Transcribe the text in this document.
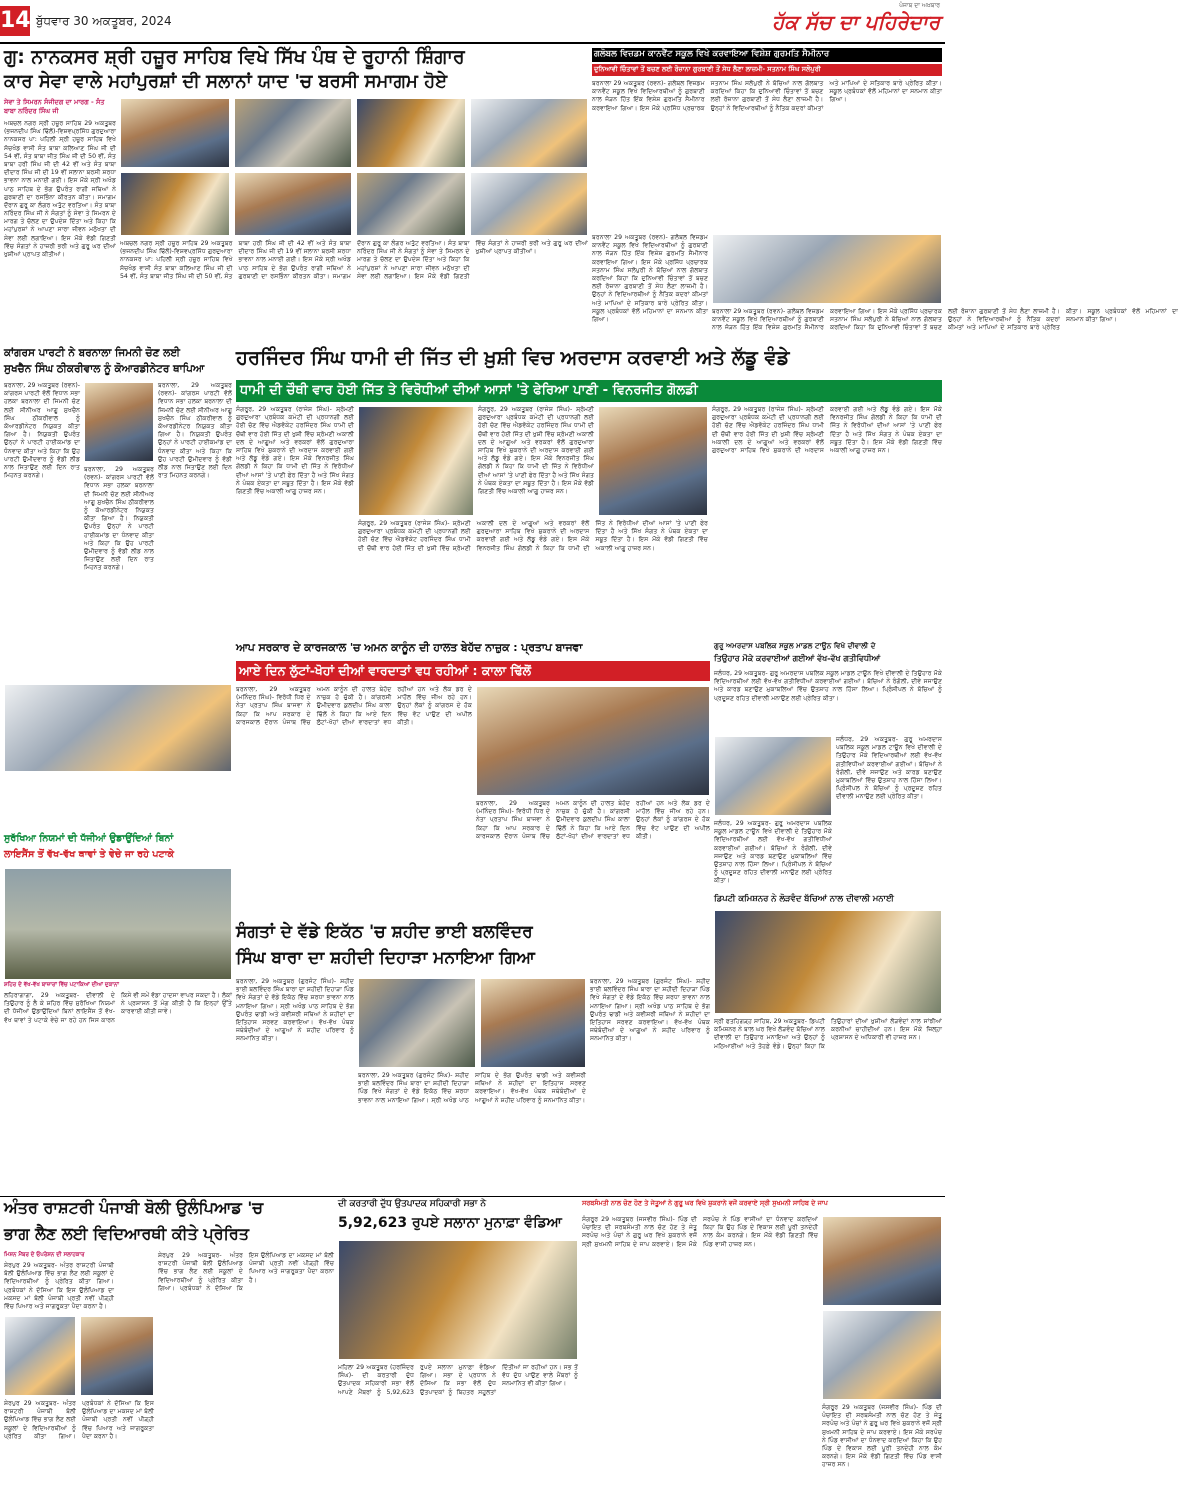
14 ਬੁੱਧਵਾਰ 30 ਅਕਤੂਬਰ, 2024
ਪੰਜਾਬ ਦਾ ਅਖ਼ਬਾਰ
ਹੱਕ ਸੱਚ ਦਾ ਪਹਿਰੇਦਾਰ
ਗੁ: ਨਾਨਕਸਰ ਸ਼੍ਰੀ ਹਜ਼ੂਰ ਸਾਹਿਬ ਵਿਖੇ ਸਿੱਖ ਪੰਥ ਦੇ ਰੂਹਾਨੀ ਸ਼ਿੰਗਾਰ
ਕਾਰ ਸੇਵਾ ਵਾਲੇ ਮਹਾਂਪੁਰਸ਼ਾਂ ਦੀ ਸਲਾਨਾਂ ਯਾਦ 'ਚ ਬਰਸੀ ਸਮਾਗਮ ਹੋਏ
ਸੇਵਾ ਤੇ ਸਿਮਰਨ ਸੰਜੀਦਗ ਦਾ ਮਾਰਗ - ਸੰਤ ਬਾਬਾ ਨਰਿੰਦਰ ਸਿੰਘ ਜੀ
ਅਬਚਲ ਨਗਰ ਸ੍ਰੀ ਹਜ਼ੂਰ ਸਾਹਿਬ 29 ਅਕਤੂਬਰ (ਭਜਨਦੀਪ ਸਿੰਘ ਢਿੱਲੋਂ)-ਵਿਸ਼ਵਪ੍ਰਸਿੱਧ ਗੁਰਦੁਆਰਾ ਨਾਨਕਸਰ ਪਾ: ਪਹਿਲੀ ਸ੍ਰੀ ਹਜ਼ੂਰ ਸਾਹਿਬ ਵਿਖੇ ਸੱਚਖੰਡ ਵਾਸੀ ਸੰਤ ਬਾਬਾ ਕਲਿਆਣ ਸਿੰਘ ਜੀ ਦੀ 54 ਵੀਂ, ਸੰਤ ਬਾਬਾ ਜੀਤ ਸਿੰਘ ਜੀ ਦੀ 50 ਵੀਂ, ਸੰਤ ਬਾਬਾ ਹਰੀ ਸਿੰਘ ਜੀ ਦੀ 42 ਵੀਂ ਅਤੇ ਸੰਤ ਬਾਬਾ ਦੀਦਾਰ ਸਿੰਘ ਜੀ ਦੀ 19 ਵੀਂ ਸਲਾਨਾ ਬਰਸੀ ਸ਼ਰਧਾ ਭਾਵਨਾ ਨਾਲ ਮਨਾਈ ਗਈ। ਇਸ ਮੌਕੇ ਸ੍ਰੀ ਅਖੰਡ ਪਾਠ ਸਾਹਿਬ ਦੇ ਭੋਗ ਉਪਰੰਤ ਰਾਗੀ ਜਥਿਆਂ ਨੇ ਗੁਰਬਾਣੀ ਦਾ ਰਸਭਿੰਨਾ ਕੀਰਤਨ ਕੀਤਾ। ਸਮਾਗਮ ਦੌਰਾਨ ਗੁਰੂ ਕਾ ਲੰਗਰ ਅਤੁੱਟ ਵਰਤਿਆ। ਸੰਤ ਬਾਬਾ ਨਰਿੰਦਰ ਸਿੰਘ ਜੀ ਨੇ ਸੰਗਤਾਂ ਨੂੰ ਸੇਵਾ ਤੇ ਸਿਮਰਨ ਦੇ ਮਾਰਗ ਤੇ ਚੱਲਣ ਦਾ ਉਪਦੇਸ਼ ਦਿੱਤਾ ਅਤੇ ਕਿਹਾ ਕਿ ਮਹਾਂਪੁਰਸ਼ਾਂ ਨੇ ਆਪਣਾ ਸਾਰਾ ਜੀਵਨ ਮਨੁੱਖਤਾ ਦੀ ਸੇਵਾ ਲਈ ਲਗਾਇਆ। ਇਸ ਮੌਕੇ ਵੱਡੀ ਗਿਣਤੀ ਵਿੱਚ ਸੰਗਤਾਂ ਨੇ ਹਾਜ਼ਰੀ ਭਰੀ ਅਤੇ ਗੁਰੂ ਘਰ ਦੀਆਂ ਖੁਸ਼ੀਆਂ ਪ੍ਰਾਪਤ ਕੀਤੀਆਂ।
ਅਬਚਲ ਨਗਰ ਸ੍ਰੀ ਹਜ਼ੂਰ ਸਾਹਿਬ 29 ਅਕਤੂਬਰ (ਭਜਨਦੀਪ ਸਿੰਘ ਢਿੱਲੋਂ)-ਵਿਸ਼ਵਪ੍ਰਸਿੱਧ ਗੁਰਦੁਆਰਾ ਨਾਨਕਸਰ ਪਾ: ਪਹਿਲੀ ਸ੍ਰੀ ਹਜ਼ੂਰ ਸਾਹਿਬ ਵਿਖੇ ਸੱਚਖੰਡ ਵਾਸੀ ਸੰਤ ਬਾਬਾ ਕਲਿਆਣ ਸਿੰਘ ਜੀ ਦੀ 54 ਵੀਂ, ਸੰਤ ਬਾਬਾ ਜੀਤ ਸਿੰਘ ਜੀ ਦੀ 50 ਵੀਂ, ਸੰਤ ਬਾਬਾ ਹਰੀ ਸਿੰਘ ਜੀ ਦੀ 42 ਵੀਂ ਅਤੇ ਸੰਤ ਬਾਬਾ ਦੀਦਾਰ ਸਿੰਘ ਜੀ ਦੀ 19 ਵੀਂ ਸਲਾਨਾ ਬਰਸੀ ਸ਼ਰਧਾ ਭਾਵਨਾ ਨਾਲ ਮਨਾਈ ਗਈ। ਇਸ ਮੌਕੇ ਸ੍ਰੀ ਅਖੰਡ ਪਾਠ ਸਾਹਿਬ ਦੇ ਭੋਗ ਉਪਰੰਤ ਰਾਗੀ ਜਥਿਆਂ ਨੇ ਗੁਰਬਾਣੀ ਦਾ ਰਸਭਿੰਨਾ ਕੀਰਤਨ ਕੀਤਾ। ਸਮਾਗਮ ਦੌਰਾਨ ਗੁਰੂ ਕਾ ਲੰਗਰ ਅਤੁੱਟ ਵਰਤਿਆ। ਸੰਤ ਬਾਬਾ ਨਰਿੰਦਰ ਸਿੰਘ ਜੀ ਨੇ ਸੰਗਤਾਂ ਨੂੰ ਸੇਵਾ ਤੇ ਸਿਮਰਨ ਦੇ ਮਾਰਗ ਤੇ ਚੱਲਣ ਦਾ ਉਪਦੇਸ਼ ਦਿੱਤਾ ਅਤੇ ਕਿਹਾ ਕਿ ਮਹਾਂਪੁਰਸ਼ਾਂ ਨੇ ਆਪਣਾ ਸਾਰਾ ਜੀਵਨ ਮਨੁੱਖਤਾ ਦੀ ਸੇਵਾ ਲਈ ਲਗਾਇਆ। ਇਸ ਮੌਕੇ ਵੱਡੀ ਗਿਣਤੀ ਵਿੱਚ ਸੰਗਤਾਂ ਨੇ ਹਾਜ਼ਰੀ ਭਰੀ ਅਤੇ ਗੁਰੂ ਘਰ ਦੀਆਂ ਖੁਸ਼ੀਆਂ ਪ੍ਰਾਪਤ ਕੀਤੀਆਂ।
ਗਲੋਬਲ ਵਿਜ਼ਡਮ ਕਾਨਵੈਂਟ ਸਕੂਲ ਵਿਖੇ ਕਰਵਾਇਆ ਵਿਸ਼ੇਸ਼ ਗੁਰਮਤਿ ਸੈਮੀਨਾਰ
ਦੁਨਿਆਵੀ ਚਿੰਤਾਵਾਂ ਤੋਂ ਬਚਣ ਲਈ ਰੋਜ਼ਾਨਾ ਗੁਰਬਾਣੀ ਤੋਂ ਸੇਧ ਲੈਣਾ ਲਾਜ਼ਮੀ- ਸਤਨਾਮ ਸਿੰਘ ਸਲੋਪੁਰੀ
ਬਰਨਾਲਾ 29 ਅਕਤੂਬਰ (ਰਵਨ)- ਗਲੋਬਲ ਵਿਜ਼ਡਮ ਕਾਨਵੈਂਟ ਸਕੂਲ ਵਿਖੇ ਵਿਦਿਆਰਥੀਆਂ ਨੂੰ ਗੁਰਬਾਣੀ ਨਾਲ ਜੋੜਨ ਹਿੱਤ ਇੱਕ ਵਿਸ਼ੇਸ਼ ਗੁਰਮਤਿ ਸੈਮੀਨਾਰ ਕਰਵਾਇਆ ਗਿਆ। ਇਸ ਮੌਕੇ ਪ੍ਰਸਿੱਧ ਪ੍ਰਚਾਰਕ ਸਤਨਾਮ ਸਿੰਘ ਸਲੋਪੁਰੀ ਨੇ ਬੱਚਿਆਂ ਨਾਲ ਗੱਲਬਾਤ ਕਰਦਿਆਂ ਕਿਹਾ ਕਿ ਦੁਨਿਆਵੀ ਚਿੰਤਾਵਾਂ ਤੋਂ ਬਚਣ ਲਈ ਰੋਜ਼ਾਨਾ ਗੁਰਬਾਣੀ ਤੋਂ ਸੇਧ ਲੈਣਾ ਲਾਜ਼ਮੀ ਹੈ। ਉਨ੍ਹਾਂ ਨੇ ਵਿਦਿਆਰਥੀਆਂ ਨੂੰ ਨੈਤਿਕ ਕਦਰਾਂ ਕੀਮਤਾਂ ਅਤੇ ਮਾਪਿਆਂ ਦੇ ਸਤਿਕਾਰ ਬਾਰੇ ਪ੍ਰੇਰਿਤ ਕੀਤਾ। ਸਕੂਲ ਪ੍ਰਬੰਧਕਾਂ ਵੱਲੋਂ ਮਹਿਮਾਨਾਂ ਦਾ ਸਨਮਾਨ ਕੀਤਾ ਗਿਆ।
ਬਰਨਾਲਾ 29 ਅਕਤੂਬਰ (ਰਵਨ)- ਗਲੋਬਲ ਵਿਜ਼ਡਮ ਕਾਨਵੈਂਟ ਸਕੂਲ ਵਿਖੇ ਵਿਦਿਆਰਥੀਆਂ ਨੂੰ ਗੁਰਬਾਣੀ ਨਾਲ ਜੋੜਨ ਹਿੱਤ ਇੱਕ ਵਿਸ਼ੇਸ਼ ਗੁਰਮਤਿ ਸੈਮੀਨਾਰ ਕਰਵਾਇਆ ਗਿਆ। ਇਸ ਮੌਕੇ ਪ੍ਰਸਿੱਧ ਪ੍ਰਚਾਰਕ ਸਤਨਾਮ ਸਿੰਘ ਸਲੋਪੁਰੀ ਨੇ ਬੱਚਿਆਂ ਨਾਲ ਗੱਲਬਾਤ ਕਰਦਿਆਂ ਕਿਹਾ ਕਿ ਦੁਨਿਆਵੀ ਚਿੰਤਾਵਾਂ ਤੋਂ ਬਚਣ ਲਈ ਰੋਜ਼ਾਨਾ ਗੁਰਬਾਣੀ ਤੋਂ ਸੇਧ ਲੈਣਾ ਲਾਜ਼ਮੀ ਹੈ। ਉਨ੍ਹਾਂ ਨੇ ਵਿਦਿਆਰਥੀਆਂ ਨੂੰ ਨੈਤਿਕ ਕਦਰਾਂ ਕੀਮਤਾਂ ਅਤੇ ਮਾਪਿਆਂ ਦੇ ਸਤਿਕਾਰ ਬਾਰੇ ਪ੍ਰੇਰਿਤ ਕੀਤਾ। ਸਕੂਲ ਪ੍ਰਬੰਧਕਾਂ ਵੱਲੋਂ ਮਹਿਮਾਨਾਂ ਦਾ ਸਨਮਾਨ ਕੀਤਾ ਗਿਆ।
ਬਰਨਾਲਾ 29 ਅਕਤੂਬਰ (ਰਵਨ)- ਗਲੋਬਲ ਵਿਜ਼ਡਮ ਕਾਨਵੈਂਟ ਸਕੂਲ ਵਿਖੇ ਵਿਦਿਆਰਥੀਆਂ ਨੂੰ ਗੁਰਬਾਣੀ ਨਾਲ ਜੋੜਨ ਹਿੱਤ ਇੱਕ ਵਿਸ਼ੇਸ਼ ਗੁਰਮਤਿ ਸੈਮੀਨਾਰ ਕਰਵਾਇਆ ਗਿਆ। ਇਸ ਮੌਕੇ ਪ੍ਰਸਿੱਧ ਪ੍ਰਚਾਰਕ ਸਤਨਾਮ ਸਿੰਘ ਸਲੋਪੁਰੀ ਨੇ ਬੱਚਿਆਂ ਨਾਲ ਗੱਲਬਾਤ ਕਰਦਿਆਂ ਕਿਹਾ ਕਿ ਦੁਨਿਆਵੀ ਚਿੰਤਾਵਾਂ ਤੋਂ ਬਚਣ ਲਈ ਰੋਜ਼ਾਨਾ ਗੁਰਬਾਣੀ ਤੋਂ ਸੇਧ ਲੈਣਾ ਲਾਜ਼ਮੀ ਹੈ। ਉਨ੍ਹਾਂ ਨੇ ਵਿਦਿਆਰਥੀਆਂ ਨੂੰ ਨੈਤਿਕ ਕਦਰਾਂ ਕੀਮਤਾਂ ਅਤੇ ਮਾਪਿਆਂ ਦੇ ਸਤਿਕਾਰ ਬਾਰੇ ਪ੍ਰੇਰਿਤ ਕੀਤਾ। ਸਕੂਲ ਪ੍ਰਬੰਧਕਾਂ ਵੱਲੋਂ ਮਹਿਮਾਨਾਂ ਦਾ ਸਨਮਾਨ ਕੀਤਾ ਗਿਆ।
ਕਾਂਗਰਸ ਪਾਰਟੀ ਨੇ ਬਰਨਾਲਾ ਜਿਮਨੀ ਚੋਣ ਲਈ
ਸੁਖਚੈਨ ਸਿੰਘ ਠੀਕਰੀਵਾਲ ਨੂੰ ਕੋਆਰਡੀਨੇਟਰ ਥਾਪਿਆ
ਬਰਨਾਲਾ, 29 ਅਕਤੂਬਰ (ਰਵਨ)- ਕਾਂਗਰਸ ਪਾਰਟੀ ਵੱਲੋਂ ਵਿਧਾਨ ਸਭਾ ਹਲਕਾ ਬਰਨਾਲਾ ਦੀ ਜਿਮਨੀ ਚੋਣ ਲਈ ਸੀਨੀਅਰ ਆਗੂ ਸੁਖਚੈਨ ਸਿੰਘ ਠੀਕਰੀਵਾਲ ਨੂੰ ਕੋਆਰਡੀਨੇਟਰ ਨਿਯੁਕਤ ਕੀਤਾ ਗਿਆ ਹੈ। ਨਿਯੁਕਤੀ ਉਪਰੰਤ ਉਨ੍ਹਾਂ ਨੇ ਪਾਰਟੀ ਹਾਈਕਮਾਂਡ ਦਾ ਧੰਨਵਾਦ ਕੀਤਾ ਅਤੇ ਕਿਹਾ ਕਿ ਉਹ ਪਾਰਟੀ ਉਮੀਦਵਾਰ ਨੂੰ ਵੱਡੀ ਲੀਡ ਨਾਲ ਜਿਤਾਉਣ ਲਈ ਦਿਨ ਰਾਤ ਮਿਹਨਤ ਕਰਨਗੇ।
ਬਰਨਾਲਾ, 29 ਅਕਤੂਬਰ (ਰਵਨ)- ਕਾਂਗਰਸ ਪਾਰਟੀ ਵੱਲੋਂ ਵਿਧਾਨ ਸਭਾ ਹਲਕਾ ਬਰਨਾਲਾ ਦੀ ਜਿਮਨੀ ਚੋਣ ਲਈ ਸੀਨੀਅਰ ਆਗੂ ਸੁਖਚੈਨ ਸਿੰਘ ਠੀਕਰੀਵਾਲ ਨੂੰ ਕੋਆਰਡੀਨੇਟਰ ਨਿਯੁਕਤ ਕੀਤਾ ਗਿਆ ਹੈ। ਨਿਯੁਕਤੀ ਉਪਰੰਤ ਉਨ੍ਹਾਂ ਨੇ ਪਾਰਟੀ ਹਾਈਕਮਾਂਡ ਦਾ ਧੰਨਵਾਦ ਕੀਤਾ ਅਤੇ ਕਿਹਾ ਕਿ ਉਹ ਪਾਰਟੀ ਉਮੀਦਵਾਰ ਨੂੰ ਵੱਡੀ ਲੀਡ ਨਾਲ ਜਿਤਾਉਣ ਲਈ ਦਿਨ ਰਾਤ ਮਿਹਨਤ ਕਰਨਗੇ।
ਬਰਨਾਲਾ, 29 ਅਕਤੂਬਰ (ਰਵਨ)- ਕਾਂਗਰਸ ਪਾਰਟੀ ਵੱਲੋਂ ਵਿਧਾਨ ਸਭਾ ਹਲਕਾ ਬਰਨਾਲਾ ਦੀ ਜਿਮਨੀ ਚੋਣ ਲਈ ਸੀਨੀਅਰ ਆਗੂ ਸੁਖਚੈਨ ਸਿੰਘ ਠੀਕਰੀਵਾਲ ਨੂੰ ਕੋਆਰਡੀਨੇਟਰ ਨਿਯੁਕਤ ਕੀਤਾ ਗਿਆ ਹੈ। ਨਿਯੁਕਤੀ ਉਪਰੰਤ ਉਨ੍ਹਾਂ ਨੇ ਪਾਰਟੀ ਹਾਈਕਮਾਂਡ ਦਾ ਧੰਨਵਾਦ ਕੀਤਾ ਅਤੇ ਕਿਹਾ ਕਿ ਉਹ ਪਾਰਟੀ ਉਮੀਦਵਾਰ ਨੂੰ ਵੱਡੀ ਲੀਡ ਨਾਲ ਜਿਤਾਉਣ ਲਈ ਦਿਨ ਰਾਤ ਮਿਹਨਤ ਕਰਨਗੇ।
ਹਰਜਿੰਦਰ ਸਿੰਘ ਧਾਮੀ ਦੀ ਜਿੱਤ ਦੀ ਖ਼ੁਸ਼ੀ ਵਿਚ ਅਰਦਾਸ ਕਰਵਾਈ ਅਤੇ ਲੱਡੂ ਵੰਡੇ
ਧਾਮੀ ਦੀ ਚੌਥੀ ਵਾਰ ਹੋਈ ਜਿੱਤ ਤੇ ਵਿਰੋਧੀਆਂ ਦੀਆਂ ਆਸਾਂ 'ਤੇ ਫੇਰਿਆ ਪਾਣੀ - ਵਿਨਰਜੀਤ ਗੋਲਡੀ
ਸੰਗਰੂਰ, 29 ਅਕਤੂਬਰ (ਰਾਜੇਸ਼ ਸਿੰਘ)- ਸ਼੍ਰੋਮਣੀ ਗੁਰਦੁਆਰਾ ਪ੍ਰਬੰਧਕ ਕਮੇਟੀ ਦੀ ਪ੍ਰਧਾਨਗੀ ਲਈ ਹੋਈ ਚੋਣ ਵਿੱਚ ਐਡਵੋਕੇਟ ਹਰਜਿੰਦਰ ਸਿੰਘ ਧਾਮੀ ਦੀ ਚੌਥੀ ਵਾਰ ਹੋਈ ਜਿੱਤ ਦੀ ਖੁਸ਼ੀ ਵਿੱਚ ਸ਼੍ਰੋਮਣੀ ਅਕਾਲੀ ਦਲ ਦੇ ਆਗੂਆਂ ਅਤੇ ਵਰਕਰਾਂ ਵੱਲੋਂ ਗੁਰਦੁਆਰਾ ਸਾਹਿਬ ਵਿਖੇ ਸ਼ੁਕਰਾਨੇ ਦੀ ਅਰਦਾਸ ਕਰਵਾਈ ਗਈ ਅਤੇ ਲੱਡੂ ਵੰਡੇ ਗਏ। ਇਸ ਮੌਕੇ ਵਿਨਰਜੀਤ ਸਿੰਘ ਗੋਲਡੀ ਨੇ ਕਿਹਾ ਕਿ ਧਾਮੀ ਦੀ ਜਿੱਤ ਨੇ ਵਿਰੋਧੀਆਂ ਦੀਆਂ ਆਸਾਂ 'ਤੇ ਪਾਣੀ ਫੇਰ ਦਿੱਤਾ ਹੈ ਅਤੇ ਸਿੱਖ ਸੰਗਤ ਨੇ ਪੰਥਕ ਏਕਤਾ ਦਾ ਸਬੂਤ ਦਿੱਤਾ ਹੈ। ਇਸ ਮੌਕੇ ਵੱਡੀ ਗਿਣਤੀ ਵਿੱਚ ਅਕਾਲੀ ਆਗੂ ਹਾਜ਼ਰ ਸਨ।
ਸੰਗਰੂਰ, 29 ਅਕਤੂਬਰ (ਰਾਜੇਸ਼ ਸਿੰਘ)- ਸ਼੍ਰੋਮਣੀ ਗੁਰਦੁਆਰਾ ਪ੍ਰਬੰਧਕ ਕਮੇਟੀ ਦੀ ਪ੍ਰਧਾਨਗੀ ਲਈ ਹੋਈ ਚੋਣ ਵਿੱਚ ਐਡਵੋਕੇਟ ਹਰਜਿੰਦਰ ਸਿੰਘ ਧਾਮੀ ਦੀ ਚੌਥੀ ਵਾਰ ਹੋਈ ਜਿੱਤ ਦੀ ਖੁਸ਼ੀ ਵਿੱਚ ਸ਼੍ਰੋਮਣੀ ਅਕਾਲੀ ਦਲ ਦੇ ਆਗੂਆਂ ਅਤੇ ਵਰਕਰਾਂ ਵੱਲੋਂ ਗੁਰਦੁਆਰਾ ਸਾਹਿਬ ਵਿਖੇ ਸ਼ੁਕਰਾਨੇ ਦੀ ਅਰਦਾਸ ਕਰਵਾਈ ਗਈ ਅਤੇ ਲੱਡੂ ਵੰਡੇ ਗਏ। ਇਸ ਮੌਕੇ ਵਿਨਰਜੀਤ ਸਿੰਘ ਗੋਲਡੀ ਨੇ ਕਿਹਾ ਕਿ ਧਾਮੀ ਦੀ ਜਿੱਤ ਨੇ ਵਿਰੋਧੀਆਂ ਦੀਆਂ ਆਸਾਂ 'ਤੇ ਪਾਣੀ ਫੇਰ ਦਿੱਤਾ ਹੈ ਅਤੇ ਸਿੱਖ ਸੰਗਤ ਨੇ ਪੰਥਕ ਏਕਤਾ ਦਾ ਸਬੂਤ ਦਿੱਤਾ ਹੈ। ਇਸ ਮੌਕੇ ਵੱਡੀ ਗਿਣਤੀ ਵਿੱਚ ਅਕਾਲੀ ਆਗੂ ਹਾਜ਼ਰ ਸਨ।
ਸੰਗਰੂਰ, 29 ਅਕਤੂਬਰ (ਰਾਜੇਸ਼ ਸਿੰਘ)- ਸ਼੍ਰੋਮਣੀ ਗੁਰਦੁਆਰਾ ਪ੍ਰਬੰਧਕ ਕਮੇਟੀ ਦੀ ਪ੍ਰਧਾਨਗੀ ਲਈ ਹੋਈ ਚੋਣ ਵਿੱਚ ਐਡਵੋਕੇਟ ਹਰਜਿੰਦਰ ਸਿੰਘ ਧਾਮੀ ਦੀ ਚੌਥੀ ਵਾਰ ਹੋਈ ਜਿੱਤ ਦੀ ਖੁਸ਼ੀ ਵਿੱਚ ਸ਼੍ਰੋਮਣੀ ਅਕਾਲੀ ਦਲ ਦੇ ਆਗੂਆਂ ਅਤੇ ਵਰਕਰਾਂ ਵੱਲੋਂ ਗੁਰਦੁਆਰਾ ਸਾਹਿਬ ਵਿਖੇ ਸ਼ੁਕਰਾਨੇ ਦੀ ਅਰਦਾਸ ਕਰਵਾਈ ਗਈ ਅਤੇ ਲੱਡੂ ਵੰਡੇ ਗਏ। ਇਸ ਮੌਕੇ ਵਿਨਰਜੀਤ ਸਿੰਘ ਗੋਲਡੀ ਨੇ ਕਿਹਾ ਕਿ ਧਾਮੀ ਦੀ ਜਿੱਤ ਨੇ ਵਿਰੋਧੀਆਂ ਦੀਆਂ ਆਸਾਂ 'ਤੇ ਪਾਣੀ ਫੇਰ ਦਿੱਤਾ ਹੈ ਅਤੇ ਸਿੱਖ ਸੰਗਤ ਨੇ ਪੰਥਕ ਏਕਤਾ ਦਾ ਸਬੂਤ ਦਿੱਤਾ ਹੈ। ਇਸ ਮੌਕੇ ਵੱਡੀ ਗਿਣਤੀ ਵਿੱਚ ਅਕਾਲੀ ਆਗੂ ਹਾਜ਼ਰ ਸਨ।
ਸੰਗਰੂਰ, 29 ਅਕਤੂਬਰ (ਰਾਜੇਸ਼ ਸਿੰਘ)- ਸ਼੍ਰੋਮਣੀ ਗੁਰਦੁਆਰਾ ਪ੍ਰਬੰਧਕ ਕਮੇਟੀ ਦੀ ਪ੍ਰਧਾਨਗੀ ਲਈ ਹੋਈ ਚੋਣ ਵਿੱਚ ਐਡਵੋਕੇਟ ਹਰਜਿੰਦਰ ਸਿੰਘ ਧਾਮੀ ਦੀ ਚੌਥੀ ਵਾਰ ਹੋਈ ਜਿੱਤ ਦੀ ਖੁਸ਼ੀ ਵਿੱਚ ਸ਼੍ਰੋਮਣੀ ਅਕਾਲੀ ਦਲ ਦੇ ਆਗੂਆਂ ਅਤੇ ਵਰਕਰਾਂ ਵੱਲੋਂ ਗੁਰਦੁਆਰਾ ਸਾਹਿਬ ਵਿਖੇ ਸ਼ੁਕਰਾਨੇ ਦੀ ਅਰਦਾਸ ਕਰਵਾਈ ਗਈ ਅਤੇ ਲੱਡੂ ਵੰਡੇ ਗਏ। ਇਸ ਮੌਕੇ ਵਿਨਰਜੀਤ ਸਿੰਘ ਗੋਲਡੀ ਨੇ ਕਿਹਾ ਕਿ ਧਾਮੀ ਦੀ ਜਿੱਤ ਨੇ ਵਿਰੋਧੀਆਂ ਦੀਆਂ ਆਸਾਂ 'ਤੇ ਪਾਣੀ ਫੇਰ ਦਿੱਤਾ ਹੈ ਅਤੇ ਸਿੱਖ ਸੰਗਤ ਨੇ ਪੰਥਕ ਏਕਤਾ ਦਾ ਸਬੂਤ ਦਿੱਤਾ ਹੈ। ਇਸ ਮੌਕੇ ਵੱਡੀ ਗਿਣਤੀ ਵਿੱਚ ਅਕਾਲੀ ਆਗੂ ਹਾਜ਼ਰ ਸਨ।
ਸੁਰੱਖਿਆ ਨਿਯਮਾਂ ਦੀ ਧੱਜੀਆਂ ਉਡਾਉਂਦਿਆਂ ਬਿਨਾਂ
ਲਾਇਸੈਂਸ ਤੋਂ ਵੱਖ-ਵੱਖ ਥਾਵਾਂ ਤੇ ਵੇਚੇ ਜਾ ਰਹੇ ਪਟਾਕੇ
ਸ਼ਹਿਰ ਦੇ ਵੱਖ-ਵੱਖ ਬਾਜ਼ਾਰਾਂ ਵਿੱਚ ਪਟਾਕਿਆਂ ਦੀਆਂ ਦੁਕਾਨਾਂ
ਲਹਿਰਾਗਾਗਾ, 29 ਅਕਤੂਬਰ- ਦੀਵਾਲੀ ਦੇ ਤਿਉਹਾਰ ਨੂੰ ਲੈ ਕੇ ਸ਼ਹਿਰ ਵਿੱਚ ਸੁਰੱਖਿਆ ਨਿਯਮਾਂ ਦੀ ਧੱਜੀਆਂ ਉਡਾਉਂਦਿਆਂ ਬਿਨਾਂ ਲਾਇਸੈਂਸ ਤੋਂ ਵੱਖ-ਵੱਖ ਥਾਵਾਂ ਤੇ ਪਟਾਕੇ ਵੇਚੇ ਜਾ ਰਹੇ ਹਨ ਜਿਸ ਕਾਰਨ ਕਿਸੇ ਵੀ ਸਮੇਂ ਵੱਡਾ ਹਾਦਸਾ ਵਾਪਰ ਸਕਦਾ ਹੈ। ਲੋਕਾਂ ਨੇ ਪ੍ਰਸ਼ਾਸਨ ਤੋਂ ਮੰਗ ਕੀਤੀ ਹੈ ਕਿ ਇਨ੍ਹਾਂ ਉੱਤੇ ਕਾਰਵਾਈ ਕੀਤੀ ਜਾਵੇ।
ਆਪ ਸਰਕਾਰ ਦੇ ਕਾਰਜਕਾਲ 'ਚ ਅਮਨ ਕਾਨੂੰਨ ਦੀ ਹਾਲਤ ਬੇਹੱਦ ਨਾਜ਼ੁਕ : ਪ੍ਰਤਾਪ ਬਾਜਵਾ
ਆਏ ਦਿਨ ਲੁੱਟਾਂ-ਖੋਹਾਂ ਦੀਆਂ ਵਾਰਦਾਤਾਂ ਵਧ ਰਹੀਆਂ : ਕਾਲਾ ਢਿੱਲੋਂ
ਬਰਨਾਲਾ, 29 ਅਕਤੂਬਰ (ਮਨਿੰਦਰ ਸਿੰਘ)- ਵਿਰੋਧੀ ਧਿਰ ਦੇ ਨੇਤਾ ਪ੍ਰਤਾਪ ਸਿੰਘ ਬਾਜਵਾ ਨੇ ਕਿਹਾ ਕਿ ਆਪ ਸਰਕਾਰ ਦੇ ਕਾਰਜਕਾਲ ਦੌਰਾਨ ਪੰਜਾਬ ਵਿੱਚ ਅਮਨ ਕਾਨੂੰਨ ਦੀ ਹਾਲਤ ਬੇਹੱਦ ਨਾਜ਼ੁਕ ਹੋ ਚੁੱਕੀ ਹੈ। ਕਾਂਗਰਸੀ ਉਮੀਦਵਾਰ ਕੁਲਦੀਪ ਸਿੰਘ ਕਾਲਾ ਢਿੱਲੋਂ ਨੇ ਕਿਹਾ ਕਿ ਆਏ ਦਿਨ ਲੁੱਟਾਂ-ਖੋਹਾਂ ਦੀਆਂ ਵਾਰਦਾਤਾਂ ਵਧ ਰਹੀਆਂ ਹਨ ਅਤੇ ਲੋਕ ਡਰ ਦੇ ਮਾਹੌਲ ਵਿੱਚ ਜੀਅ ਰਹੇ ਹਨ। ਉਨ੍ਹਾਂ ਲੋਕਾਂ ਨੂੰ ਕਾਂਗਰਸ ਦੇ ਹੱਕ ਵਿੱਚ ਵੋਟ ਪਾਉਣ ਦੀ ਅਪੀਲ ਕੀਤੀ।
ਬਰਨਾਲਾ, 29 ਅਕਤੂਬਰ (ਮਨਿੰਦਰ ਸਿੰਘ)- ਵਿਰੋਧੀ ਧਿਰ ਦੇ ਨੇਤਾ ਪ੍ਰਤਾਪ ਸਿੰਘ ਬਾਜਵਾ ਨੇ ਕਿਹਾ ਕਿ ਆਪ ਸਰਕਾਰ ਦੇ ਕਾਰਜਕਾਲ ਦੌਰਾਨ ਪੰਜਾਬ ਵਿੱਚ ਅਮਨ ਕਾਨੂੰਨ ਦੀ ਹਾਲਤ ਬੇਹੱਦ ਨਾਜ਼ੁਕ ਹੋ ਚੁੱਕੀ ਹੈ। ਕਾਂਗਰਸੀ ਉਮੀਦਵਾਰ ਕੁਲਦੀਪ ਸਿੰਘ ਕਾਲਾ ਢਿੱਲੋਂ ਨੇ ਕਿਹਾ ਕਿ ਆਏ ਦਿਨ ਲੁੱਟਾਂ-ਖੋਹਾਂ ਦੀਆਂ ਵਾਰਦਾਤਾਂ ਵਧ ਰਹੀਆਂ ਹਨ ਅਤੇ ਲੋਕ ਡਰ ਦੇ ਮਾਹੌਲ ਵਿੱਚ ਜੀਅ ਰਹੇ ਹਨ। ਉਨ੍ਹਾਂ ਲੋਕਾਂ ਨੂੰ ਕਾਂਗਰਸ ਦੇ ਹੱਕ ਵਿੱਚ ਵੋਟ ਪਾਉਣ ਦੀ ਅਪੀਲ ਕੀਤੀ।
ਗੁਰੂ ਅਮਰਦਾਸ ਪਬਲਿਕ ਸਕੂਲ ਮਾਡਲ ਟਾਊਨ ਵਿਖੇ ਦੀਵਾਲੀ ਦੇ
ਤਿਉਹਾਰ ਮੌਕੇ ਕਰਵਾਈਆਂ ਗਈਆਂ ਵੱਖ-ਵੱਖ ਗਤੀਵਿਧੀਆਂ
ਜਲੰਧਰ, 29 ਅਕਤੂਬਰ- ਗੁਰੂ ਅਮਰਦਾਸ ਪਬਲਿਕ ਸਕੂਲ ਮਾਡਲ ਟਾਊਨ ਵਿਖੇ ਦੀਵਾਲੀ ਦੇ ਤਿਉਹਾਰ ਮੌਕੇ ਵਿਦਿਆਰਥੀਆਂ ਲਈ ਵੱਖ-ਵੱਖ ਗਤੀਵਿਧੀਆਂ ਕਰਵਾਈਆਂ ਗਈਆਂ। ਬੱਚਿਆਂ ਨੇ ਰੰਗੋਲੀ, ਦੀਵੇ ਸਜਾਉਣ ਅਤੇ ਕਾਰਡ ਬਣਾਉਣ ਮੁਕਾਬਲਿਆਂ ਵਿੱਚ ਉਤਸ਼ਾਹ ਨਾਲ ਹਿੱਸਾ ਲਿਆ। ਪ੍ਰਿੰਸੀਪਲ ਨੇ ਬੱਚਿਆਂ ਨੂੰ ਪ੍ਰਦੂਸ਼ਣ ਰਹਿਤ ਦੀਵਾਲੀ ਮਨਾਉਣ ਲਈ ਪ੍ਰੇਰਿਤ ਕੀਤਾ।
ਜਲੰਧਰ, 29 ਅਕਤੂਬਰ- ਗੁਰੂ ਅਮਰਦਾਸ ਪਬਲਿਕ ਸਕੂਲ ਮਾਡਲ ਟਾਊਨ ਵਿਖੇ ਦੀਵਾਲੀ ਦੇ ਤਿਉਹਾਰ ਮੌਕੇ ਵਿਦਿਆਰਥੀਆਂ ਲਈ ਵੱਖ-ਵੱਖ ਗਤੀਵਿਧੀਆਂ ਕਰਵਾਈਆਂ ਗਈਆਂ। ਬੱਚਿਆਂ ਨੇ ਰੰਗੋਲੀ, ਦੀਵੇ ਸਜਾਉਣ ਅਤੇ ਕਾਰਡ ਬਣਾਉਣ ਮੁਕਾਬਲਿਆਂ ਵਿੱਚ ਉਤਸ਼ਾਹ ਨਾਲ ਹਿੱਸਾ ਲਿਆ। ਪ੍ਰਿੰਸੀਪਲ ਨੇ ਬੱਚਿਆਂ ਨੂੰ ਪ੍ਰਦੂਸ਼ਣ ਰਹਿਤ ਦੀਵਾਲੀ ਮਨਾਉਣ ਲਈ ਪ੍ਰੇਰਿਤ ਕੀਤਾ।
ਜਲੰਧਰ, 29 ਅਕਤੂਬਰ- ਗੁਰੂ ਅਮਰਦਾਸ ਪਬਲਿਕ ਸਕੂਲ ਮਾਡਲ ਟਾਊਨ ਵਿਖੇ ਦੀਵਾਲੀ ਦੇ ਤਿਉਹਾਰ ਮੌਕੇ ਵਿਦਿਆਰਥੀਆਂ ਲਈ ਵੱਖ-ਵੱਖ ਗਤੀਵਿਧੀਆਂ ਕਰਵਾਈਆਂ ਗਈਆਂ। ਬੱਚਿਆਂ ਨੇ ਰੰਗੋਲੀ, ਦੀਵੇ ਸਜਾਉਣ ਅਤੇ ਕਾਰਡ ਬਣਾਉਣ ਮੁਕਾਬਲਿਆਂ ਵਿੱਚ ਉਤਸ਼ਾਹ ਨਾਲ ਹਿੱਸਾ ਲਿਆ। ਪ੍ਰਿੰਸੀਪਲ ਨੇ ਬੱਚਿਆਂ ਨੂੰ ਪ੍ਰਦੂਸ਼ਣ ਰਹਿਤ ਦੀਵਾਲੀ ਮਨਾਉਣ ਲਈ ਪ੍ਰੇਰਿਤ ਕੀਤਾ।
ਡਿਪਟੀ ਕਮਿਸ਼ਨਰ ਨੇ ਲੋੜਵੰਦ ਬੱਚਿਆਂ ਨਾਲ ਦੀਵਾਲੀ ਮਨਾਈ
ਸ੍ਰੀ ਫਤਹਿਗੜ੍ਹ ਸਾਹਿਬ, 29 ਅਕਤੂਬਰ- ਡਿਪਟੀ ਕਮਿਸ਼ਨਰ ਨੇ ਬਾਲ ਘਰ ਵਿਖੇ ਲੋੜਵੰਦ ਬੱਚਿਆਂ ਨਾਲ ਦੀਵਾਲੀ ਦਾ ਤਿਉਹਾਰ ਮਨਾਇਆ ਅਤੇ ਉਨ੍ਹਾਂ ਨੂੰ ਮਠਿਆਈਆਂ ਅਤੇ ਤੋਹਫ਼ੇ ਵੰਡੇ। ਉਨ੍ਹਾਂ ਕਿਹਾ ਕਿ ਤਿਉਹਾਰਾਂ ਦੀਆਂ ਖੁਸ਼ੀਆਂ ਲੋੜਵੰਦਾਂ ਨਾਲ ਸਾਂਝੀਆਂ ਕਰਨੀਆਂ ਚਾਹੀਦੀਆਂ ਹਨ। ਇਸ ਮੌਕੇ ਜ਼ਿਲ੍ਹਾ ਪ੍ਰਸ਼ਾਸਨ ਦੇ ਅਧਿਕਾਰੀ ਵੀ ਹਾਜ਼ਰ ਸਨ।
ਸੰਗਤਾਂ ਦੇ ਵੱਡੇ ਇਕੱਠ 'ਚ ਸ਼ਹੀਦ ਭਾਈ ਬਲਵਿੰਦਰ
ਸਿੰਘ ਬਾਰਾ ਦਾ ਸ਼ਹੀਦੀ ਦਿਹਾੜਾ ਮਨਾਇਆ ਗਿਆ
ਬਰਨਾਲਾ, 29 ਅਕਤੂਬਰ (ਗੁਰਜੰਟ ਸਿੰਘ)- ਸ਼ਹੀਦ ਭਾਈ ਬਲਵਿੰਦਰ ਸਿੰਘ ਬਾਰਾ ਦਾ ਸ਼ਹੀਦੀ ਦਿਹਾੜਾ ਪਿੰਡ ਵਿਖੇ ਸੰਗਤਾਂ ਦੇ ਵੱਡੇ ਇਕੱਠ ਵਿੱਚ ਸ਼ਰਧਾ ਭਾਵਨਾ ਨਾਲ ਮਨਾਇਆ ਗਿਆ। ਸ੍ਰੀ ਅਖੰਡ ਪਾਠ ਸਾਹਿਬ ਦੇ ਭੋਗ ਉਪਰੰਤ ਢਾਡੀ ਅਤੇ ਕਵੀਸ਼ਰੀ ਜਥਿਆਂ ਨੇ ਸ਼ਹੀਦਾਂ ਦਾ ਇਤਿਹਾਸ ਸਰਵਣ ਕਰਵਾਇਆ। ਵੱਖ-ਵੱਖ ਪੰਥਕ ਜਥੇਬੰਦੀਆਂ ਦੇ ਆਗੂਆਂ ਨੇ ਸ਼ਹੀਦ ਪਰਿਵਾਰ ਨੂੰ ਸਨਮਾਨਿਤ ਕੀਤਾ।
ਬਰਨਾਲਾ, 29 ਅਕਤੂਬਰ (ਗੁਰਜੰਟ ਸਿੰਘ)- ਸ਼ਹੀਦ ਭਾਈ ਬਲਵਿੰਦਰ ਸਿੰਘ ਬਾਰਾ ਦਾ ਸ਼ਹੀਦੀ ਦਿਹਾੜਾ ਪਿੰਡ ਵਿਖੇ ਸੰਗਤਾਂ ਦੇ ਵੱਡੇ ਇਕੱਠ ਵਿੱਚ ਸ਼ਰਧਾ ਭਾਵਨਾ ਨਾਲ ਮਨਾਇਆ ਗਿਆ। ਸ੍ਰੀ ਅਖੰਡ ਪਾਠ ਸਾਹਿਬ ਦੇ ਭੋਗ ਉਪਰੰਤ ਢਾਡੀ ਅਤੇ ਕਵੀਸ਼ਰੀ ਜਥਿਆਂ ਨੇ ਸ਼ਹੀਦਾਂ ਦਾ ਇਤਿਹਾਸ ਸਰਵਣ ਕਰਵਾਇਆ। ਵੱਖ-ਵੱਖ ਪੰਥਕ ਜਥੇਬੰਦੀਆਂ ਦੇ ਆਗੂਆਂ ਨੇ ਸ਼ਹੀਦ ਪਰਿਵਾਰ ਨੂੰ ਸਨਮਾਨਿਤ ਕੀਤਾ।
ਬਰਨਾਲਾ, 29 ਅਕਤੂਬਰ (ਗੁਰਜੰਟ ਸਿੰਘ)- ਸ਼ਹੀਦ ਭਾਈ ਬਲਵਿੰਦਰ ਸਿੰਘ ਬਾਰਾ ਦਾ ਸ਼ਹੀਦੀ ਦਿਹਾੜਾ ਪਿੰਡ ਵਿਖੇ ਸੰਗਤਾਂ ਦੇ ਵੱਡੇ ਇਕੱਠ ਵਿੱਚ ਸ਼ਰਧਾ ਭਾਵਨਾ ਨਾਲ ਮਨਾਇਆ ਗਿਆ। ਸ੍ਰੀ ਅਖੰਡ ਪਾਠ ਸਾਹਿਬ ਦੇ ਭੋਗ ਉਪਰੰਤ ਢਾਡੀ ਅਤੇ ਕਵੀਸ਼ਰੀ ਜਥਿਆਂ ਨੇ ਸ਼ਹੀਦਾਂ ਦਾ ਇਤਿਹਾਸ ਸਰਵਣ ਕਰਵਾਇਆ। ਵੱਖ-ਵੱਖ ਪੰਥਕ ਜਥੇਬੰਦੀਆਂ ਦੇ ਆਗੂਆਂ ਨੇ ਸ਼ਹੀਦ ਪਰਿਵਾਰ ਨੂੰ ਸਨਮਾਨਿਤ ਕੀਤਾ।
ਅੰਤਰ ਰਾਸ਼ਟਰੀ ਪੰਜਾਬੀ ਬੋਲੀ ਉਲੰਪਿਆਡ 'ਚ
ਭਾਗ ਲੈਣ ਲਈ ਵਿਦਿਆਰਥੀ ਕੀਤੇ ਪ੍ਰੇਰਿਤ
ਮਿਸ਼ਨ ਮੈਂਬਰ ਦੇ ਓਪਰੇਸ਼ਨ ਦੀ ਸਲਾਹਕਾਰ
ਸ਼ੇਰਪੁਰ 29 ਅਕਤੂਬਰ- ਅੰਤਰ ਰਾਸ਼ਟਰੀ ਪੰਜਾਬੀ ਬੋਲੀ ਉਲੰਪਿਆਡ ਵਿੱਚ ਭਾਗ ਲੈਣ ਲਈ ਸਕੂਲਾਂ ਦੇ ਵਿਦਿਆਰਥੀਆਂ ਨੂੰ ਪ੍ਰੇਰਿਤ ਕੀਤਾ ਗਿਆ। ਪ੍ਰਬੰਧਕਾਂ ਨੇ ਦੱਸਿਆ ਕਿ ਇਸ ਉਲੰਪਿਆਡ ਦਾ ਮਕਸਦ ਮਾਂ ਬੋਲੀ ਪੰਜਾਬੀ ਪ੍ਰਤੀ ਨਵੀਂ ਪੀੜ੍ਹੀ ਵਿੱਚ ਪਿਆਰ ਅਤੇ ਜਾਗਰੂਕਤਾ ਪੈਦਾ ਕਰਨਾ ਹੈ।
ਸ਼ੇਰਪੁਰ 29 ਅਕਤੂਬਰ- ਅੰਤਰ ਰਾਸ਼ਟਰੀ ਪੰਜਾਬੀ ਬੋਲੀ ਉਲੰਪਿਆਡ ਵਿੱਚ ਭਾਗ ਲੈਣ ਲਈ ਸਕੂਲਾਂ ਦੇ ਵਿਦਿਆਰਥੀਆਂ ਨੂੰ ਪ੍ਰੇਰਿਤ ਕੀਤਾ ਗਿਆ। ਪ੍ਰਬੰਧਕਾਂ ਨੇ ਦੱਸਿਆ ਕਿ ਇਸ ਉਲੰਪਿਆਡ ਦਾ ਮਕਸਦ ਮਾਂ ਬੋਲੀ ਪੰਜਾਬੀ ਪ੍ਰਤੀ ਨਵੀਂ ਪੀੜ੍ਹੀ ਵਿੱਚ ਪਿਆਰ ਅਤੇ ਜਾਗਰੂਕਤਾ ਪੈਦਾ ਕਰਨਾ ਹੈ।
ਸ਼ੇਰਪੁਰ 29 ਅਕਤੂਬਰ- ਅੰਤਰ ਰਾਸ਼ਟਰੀ ਪੰਜਾਬੀ ਬੋਲੀ ਉਲੰਪਿਆਡ ਵਿੱਚ ਭਾਗ ਲੈਣ ਲਈ ਸਕੂਲਾਂ ਦੇ ਵਿਦਿਆਰਥੀਆਂ ਨੂੰ ਪ੍ਰੇਰਿਤ ਕੀਤਾ ਗਿਆ। ਪ੍ਰਬੰਧਕਾਂ ਨੇ ਦੱਸਿਆ ਕਿ ਇਸ ਉਲੰਪਿਆਡ ਦਾ ਮਕਸਦ ਮਾਂ ਬੋਲੀ ਪੰਜਾਬੀ ਪ੍ਰਤੀ ਨਵੀਂ ਪੀੜ੍ਹੀ ਵਿੱਚ ਪਿਆਰ ਅਤੇ ਜਾਗਰੂਕਤਾ ਪੈਦਾ ਕਰਨਾ ਹੈ।
ਦੀ ਕਰਤਾਰੀ ਦੁੱਧ ਉਤਪਾਦਕ ਸਹਿਕਾਰੀ ਸਭਾ ਨੇ
5,92,623 ਰੁਪਏ ਸਲਾਨਾ ਮੁਨਾਫ਼ਾ ਵੰਡਿਆ
ਮਹਿਲਾ 29 ਅਕਤੂਬਰ (ਹਰਜਿੰਦਰ ਸਿੰਘ)- ਦੀ ਕਰਤਾਰੀ ਦੁੱਧ ਉਤਪਾਦਕ ਸਹਿਕਾਰੀ ਸਭਾ ਵੱਲੋਂ ਆਪਣੇ ਮੈਂਬਰਾਂ ਨੂੰ 5,92,623 ਰੁਪਏ ਸਲਾਨਾ ਮੁਨਾਫ਼ਾ ਵੰਡਿਆ ਗਿਆ। ਸਭਾ ਦੇ ਪ੍ਰਧਾਨ ਨੇ ਦੱਸਿਆ ਕਿ ਸਭਾ ਵੱਲੋਂ ਦੁੱਧ ਉਤਪਾਦਕਾਂ ਨੂੰ ਬਿਹਤਰ ਸਹੂਲਤਾਂ ਦਿੱਤੀਆਂ ਜਾ ਰਹੀਆਂ ਹਨ। ਸਭ ਤੋਂ ਵੱਧ ਦੁੱਧ ਪਾਉਣ ਵਾਲੇ ਮੈਂਬਰਾਂ ਨੂੰ ਸਨਮਾਨਿਤ ਵੀ ਕੀਤਾ ਗਿਆ।
ਸਰਬਸੰਮਤੀ ਨਾਲ ਚੋਣ ਹੋਣ ਤੇ ਜੇਤੂਆਂ ਨੇ ਗੁਰੂ ਘਰ ਵਿਖੇ ਸ਼ੁਕਰਾਨੇ ਵਜੋਂ ਕਰਵਾਏ ਸ੍ਰੀ ਸੁਖਮਨੀ ਸਾਹਿਬ ਦੇ ਜਾਪ
ਸੰਗਰੂਰ 29 ਅਕਤੂਬਰ (ਜਸਵੀਰ ਸਿੰਘ)- ਪਿੰਡ ਦੀ ਪੰਚਾਇਤ ਦੀ ਸਰਬਸੰਮਤੀ ਨਾਲ ਚੋਣ ਹੋਣ ਤੇ ਜੇਤੂ ਸਰਪੰਚ ਅਤੇ ਪੰਚਾਂ ਨੇ ਗੁਰੂ ਘਰ ਵਿਖੇ ਸ਼ੁਕਰਾਨੇ ਵਜੋਂ ਸ੍ਰੀ ਸੁਖਮਨੀ ਸਾਹਿਬ ਦੇ ਜਾਪ ਕਰਵਾਏ। ਇਸ ਮੌਕੇ ਸਰਪੰਚ ਨੇ ਪਿੰਡ ਵਾਸੀਆਂ ਦਾ ਧੰਨਵਾਦ ਕਰਦਿਆਂ ਕਿਹਾ ਕਿ ਉਹ ਪਿੰਡ ਦੇ ਵਿਕਾਸ ਲਈ ਪੂਰੀ ਤਨਦੇਹੀ ਨਾਲ ਕੰਮ ਕਰਨਗੇ। ਇਸ ਮੌਕੇ ਵੱਡੀ ਗਿਣਤੀ ਵਿੱਚ ਪਿੰਡ ਵਾਸੀ ਹਾਜ਼ਰ ਸਨ।
ਸੰਗਰੂਰ 29 ਅਕਤੂਬਰ (ਜਸਵੀਰ ਸਿੰਘ)- ਪਿੰਡ ਦੀ ਪੰਚਾਇਤ ਦੀ ਸਰਬਸੰਮਤੀ ਨਾਲ ਚੋਣ ਹੋਣ ਤੇ ਜੇਤੂ ਸਰਪੰਚ ਅਤੇ ਪੰਚਾਂ ਨੇ ਗੁਰੂ ਘਰ ਵਿਖੇ ਸ਼ੁਕਰਾਨੇ ਵਜੋਂ ਸ੍ਰੀ ਸੁਖਮਨੀ ਸਾਹਿਬ ਦੇ ਜਾਪ ਕਰਵਾਏ। ਇਸ ਮੌਕੇ ਸਰਪੰਚ ਨੇ ਪਿੰਡ ਵਾਸੀਆਂ ਦਾ ਧੰਨਵਾਦ ਕਰਦਿਆਂ ਕਿਹਾ ਕਿ ਉਹ ਪਿੰਡ ਦੇ ਵਿਕਾਸ ਲਈ ਪੂਰੀ ਤਨਦੇਹੀ ਨਾਲ ਕੰਮ ਕਰਨਗੇ। ਇਸ ਮੌਕੇ ਵੱਡੀ ਗਿਣਤੀ ਵਿੱਚ ਪਿੰਡ ਵਾਸੀ ਹਾਜ਼ਰ ਸਨ।
